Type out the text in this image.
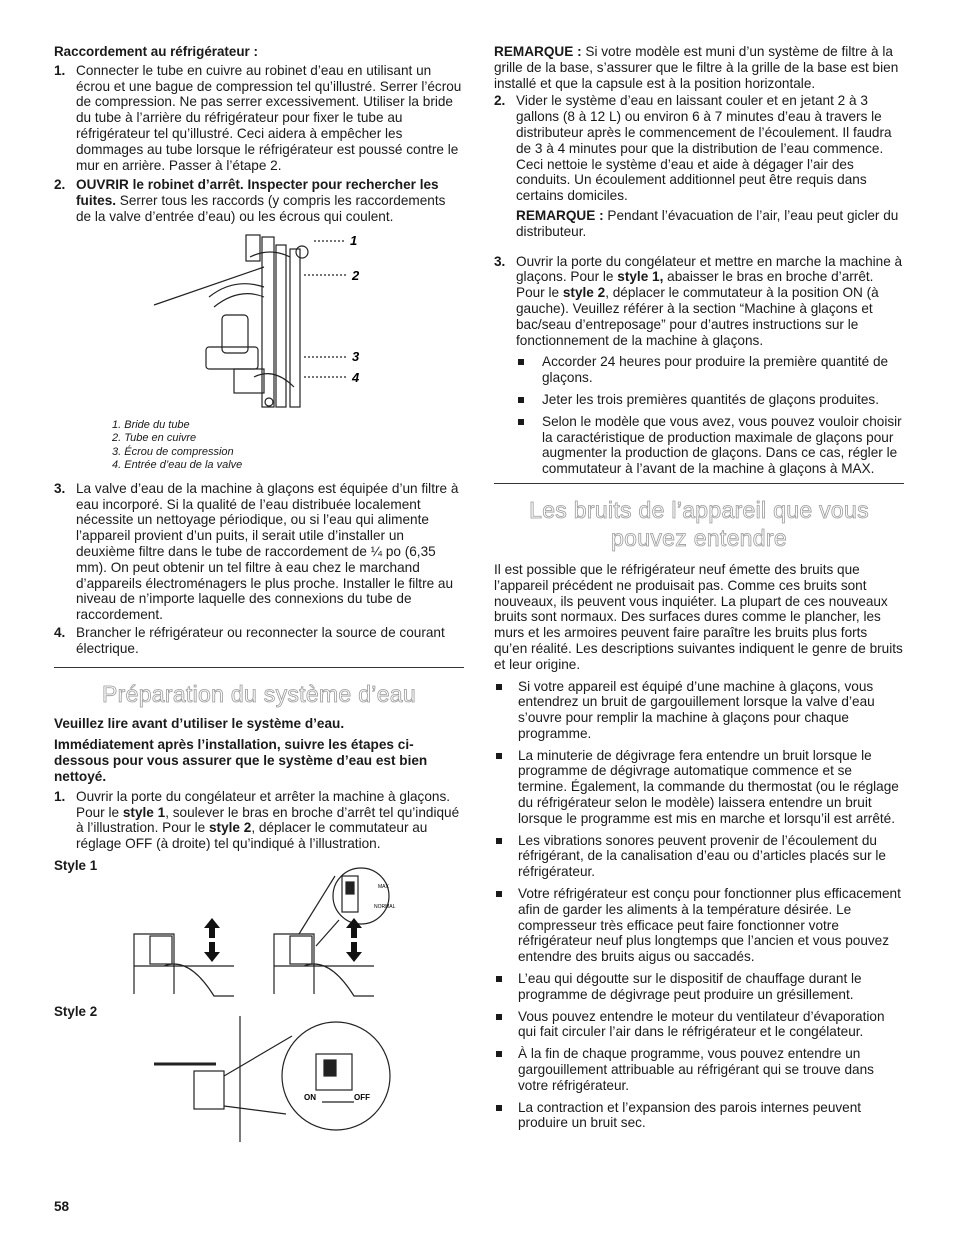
Raccordement au réfrigérateur :
1. Connecter le tube en cuivre au robinet d’eau en utilisant un écrou et une bague de compression tel qu’illustré. Serrer l’écrou de compression. Ne pas serrer excessivement. Utiliser la bride du tube à l’arrière du réfrigérateur pour fixer le tube au réfrigérateur tel qu’illustré. Ceci aidera à empêcher les dommages au tube lorsque le réfrigérateur est poussé contre le mur en arrière. Passer à l’étape 2.
2. OUVRIR le robinet d’arrêt. Inspecter pour rechercher les fuites. Serrer tous les raccords (y compris les raccordements de la valve d’entrée d’eau) ou les écrous qui coulent.
1
2
3
4
1. Bride du tube
2. Tube en cuivre
3. Écrou de compression
4. Entrée d’eau de la valve
3. La valve d’eau de la machine à glaçons est équipée d’un filtre à eau incorporé. Si la qualité de l’eau distribuée localement nécessite un nettoyage périodique, ou si l’eau qui alimente l’appareil provient d’un puits, il serait utile d’installer un deuxième filtre dans le tube de raccordement de ¼ po (6,35 mm). On peut obtenir un tel filtre à eau chez le marchand d’appareils électroménagers le plus proche. Installer le filtre au niveau de n’importe laquelle des connexions du tube de raccordement.
4. Brancher le réfrigérateur ou reconnecter la source de courant électrique.
Préparation du système d’eau
Veuillez lire avant d’utiliser le système d’eau.
Immédiatement après l’installation, suivre les étapes ci-dessous pour vous assurer que le système d’eau est bien nettoyé.
1. Ouvrir la porte du congélateur et arrêter la machine à glaçons. Pour le style 1, soulever le bras en broche d’arrêt tel qu’indiqué à l’illustration. Pour le style 2, déplacer le commutateur au réglage OFF (à droite) tel qu’indiqué à l’illustration.
Style 1
MAX
NORMAL
Style 2
ON	OFF
REMARQUE : Si votre modèle est muni d’un système de filtre à la grille de la base, s’assurer que le filtre à la grille de la base est bien installé et que la capsule est à la position horizontale.
2. Vider le système d’eau en laissant couler et en jetant 2 à 3 gallons (8 à 12 L) ou environ 6 à 7 minutes d’eau à travers le distributeur après le commencement de l’écoulement. Il faudra de 3 à 4 minutes pour que la distribution de l’eau commence. Ceci nettoie le système d’eau et aide à dégager l’air des conduits. Un écoulement additionnel peut être requis dans certains domiciles.
REMARQUE : Pendant l’évacuation de l’air, l’eau peut gicler du distributeur.
3. Ouvrir la porte du congélateur et mettre en marche la machine à glaçons. Pour le style 1, abaisser le bras en broche d’arrêt. Pour le style 2, déplacer le commutateur à la position ON (à gauche). Veuillez référer à la section “Machine à glaçons et bac/seau d’entreposage” pour d’autres instructions sur le fonctionnement de la machine à glaçons.
Accorder 24 heures pour produire la première quantité de glaçons.
Jeter les trois premières quantités de glaçons produites.
Selon le modèle que vous avez, vous pouvez vouloir choisir la caractéristique de production maximale de glaçons pour augmenter la production de glaçons. Dans ce cas, régler le commutateur à l’avant de la machine à glaçons à MAX.
Les bruits de l’appareil que vous
pouvez entendre
Il est possible que le réfrigérateur neuf émette des bruits que l’appareil précédent ne produisait pas. Comme ces bruits sont nouveaux, ils peuvent vous inquiéter. La plupart de ces nouveaux bruits sont normaux. Des surfaces dures comme le plancher, les murs et les armoires peuvent faire paraître les bruits plus forts qu’en réalité. Les descriptions suivantes indiquent le genre de bruits et leur origine.
Si votre appareil est équipé d’une machine à glaçons, vous entendrez un bruit de gargouillement lorsque la valve d’eau s’ouvre pour remplir la machine à glaçons pour chaque programme.
La minuterie de dégivrage fera entendre un bruit lorsque le programme de dégivrage automatique commence et se termine. Également, la commande du thermostat (ou le réglage du réfrigérateur selon le modèle) laissera entendre un bruit lorsque le programme est mis en marche et lorsqu’il est arrêté.
Les vibrations sonores peuvent provenir de l’écoulement du réfrigérant, de la canalisation d’eau ou d’articles placés sur le réfrigérateur.
Votre réfrigérateur est conçu pour fonctionner plus efficacement afin de garder les aliments à la température désirée. Le compresseur très efficace peut faire fonctionner votre réfrigérateur neuf plus longtemps que l’ancien et vous pouvez entendre des bruits aigus ou saccadés.
L’eau qui dégoutte sur le dispositif de chauffage durant le programme de dégivrage peut produire un grésillement.
Vous pouvez entendre le moteur du ventilateur d’évaporation qui fait circuler l’air dans le réfrigérateur et le congélateur.
À la fin de chaque programme, vous pouvez entendre un gargouillement attribuable au réfrigérant qui se trouve dans votre réfrigérateur.
La contraction et l’expansion des parois internes peuvent produire un bruit sec.
58
